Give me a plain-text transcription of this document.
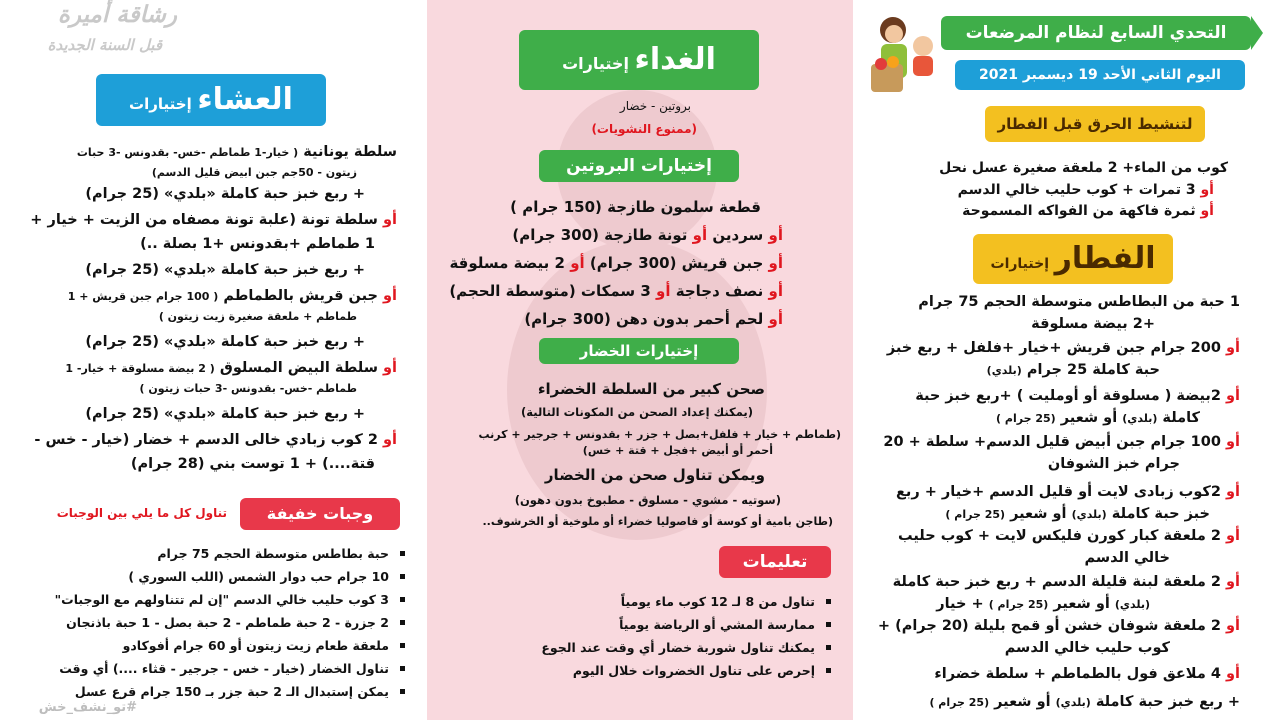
التحدي السابع لنظام المرضعات
اليوم الثاني الأحد 19 ديسمبر 2021
لتنشيط الحرق قبل الفطار
كوب من الماء+ 2 ملعقة صغيرة عسل نحل
أو 3 تمرات + كوب حليب خالي الدسم
أو ثمرة فاكهة من الفواكه المسموحة
الفطار إختيارات
1 حبة من البطاطس متوسطة الحجم 75 جرام
+2 بيضة مسلوقة
أو 200 جرام جبن قريش +خيار +فلفل + ربع خبز
حبة كاملة 25 جرام (بلدي)
أو 2بيضة ( مسلوقة أو أومليت ) +ربع خبز حبة
كاملة (بلدي) أو شعير (25 جرام )
أو 100 جرام جبن أبيض قليل الدسم+ سلطة + 20
جرام خبز الشوفان
أو 2كوب زبادى لايت أو قليل الدسم +خيار + ربع
خبز حبة كاملة (بلدي) أو شعير (25 جرام )
أو 2 ملعقة كبار كورن فليكس لايت + كوب حليب
خالي الدسم
أو 2 ملعقة لبنة قليلة الدسم + ربع خبز حبة كاملة
(بلدي) أو شعير (25 جرام ) + خيار
أو 2 ملعقة شوفان خشن أو قمح بليلة (20 جرام) +
كوب حليب خالي الدسم
أو 4 ملاعق فول بالطماطم + سلطة خضراء
+ ربع خبز حبة كاملة (بلدي) أو شعير (25 جرام )
الغداء إختيارات
بروتين - خضار
(ممنوع النشويات)
إختيارات البروتين
قطعة سلمون طازجة (150 جرام )
أو سردين أو تونة طازجة (300 جرام)
أو جبن قريش (300 جرام) أو 2 بيضة مسلوقة
أو نصف دجاجة أو 3 سمكات (متوسطة الحجم)
أو لحم أحمر بدون دهن (300 جرام)
إختيارات الخضار
صحن كبير من السلطة الخضراء
(يمكنك إعداد الصحن من المكونات التالية)
(طماطم + خيار + فلفل+بصل + جزر + بقدونس + جرجير + كرنب
أحمر أو أبيض +فجل + قتة + خس)
ويمكن تناول صحن من الخضار
(سوتيه - مشوي - مسلوق - مطبوخ بدون دهون)
(طاجن بامية أو كوسة أو فاصوليا خضراء أو ملوخية أو الخرشوف..
تعليمات
تناول من 8 لـ 12 كوب ماء يومياً
ممارسة المشي أو الرياضة يومياً
يمكنك تناول شوربة خضار أي وقت عند الجوع
إحرص على تناول الخضروات خلال اليوم
رشاقة أميرة
قبل السنة الجديدة
العشاء إختيارات
سلطة يونانية ( خيار-1 طماطم -خس- بقدونس -3 حبات
زيتون - 50جم جبن ابيض قليل الدسم)
+ ربع خبز حبة كاملة «بلدي» (25 جرام)
أو سلطة تونة (علبة تونة مصفاه من الزيت + خيار +
1 طماطم +بقدونس +1 بصلة ..)
+ ربع خبز حبة كاملة «بلدي» (25 جرام)
أو جبن قريش بالطماطم ( 100 جرام جبن قريش + 1
طماطم + ملعقة صغيرة زيت زيتون )
+ ربع خبز حبة كاملة «بلدي» (25 جرام)
أو سلطة البيض المسلوق ( 2 بيضة مسلوقة + خيار- 1
طماطم -خس- بقدونس -3 حبات زيتون )
+ ربع خبز حبة كاملة «بلدي» (25 جرام)
أو 2 كوب زبادي خالى الدسم + خضار (خيار - خس -
قتة....) + 1 توست بني (28 جرام)
وجبات خفيفة
تناول كل ما يلي بين الوجبات
حبة بطاطس متوسطة الحجم 75 جرام
10 جرام حب دوار الشمس (اللب السوري )
3 كوب حليب خالي الدسم "إن لم تتناولهم مع الوجبات"
2 جزرة - 2 حبة طماطم - 2 حبة بصل - 1 حبة باذنجان
ملعقة طعام زيت زيتون أو 60 جرام أفوكادو
تناول الخضار (خيار - خس - جرجير - قثاء ....) أي وقت
يمكن إستبدال الـ 2 حبة جزر بـ 150 جرام قرع عسل
#تو_نشف_خش
